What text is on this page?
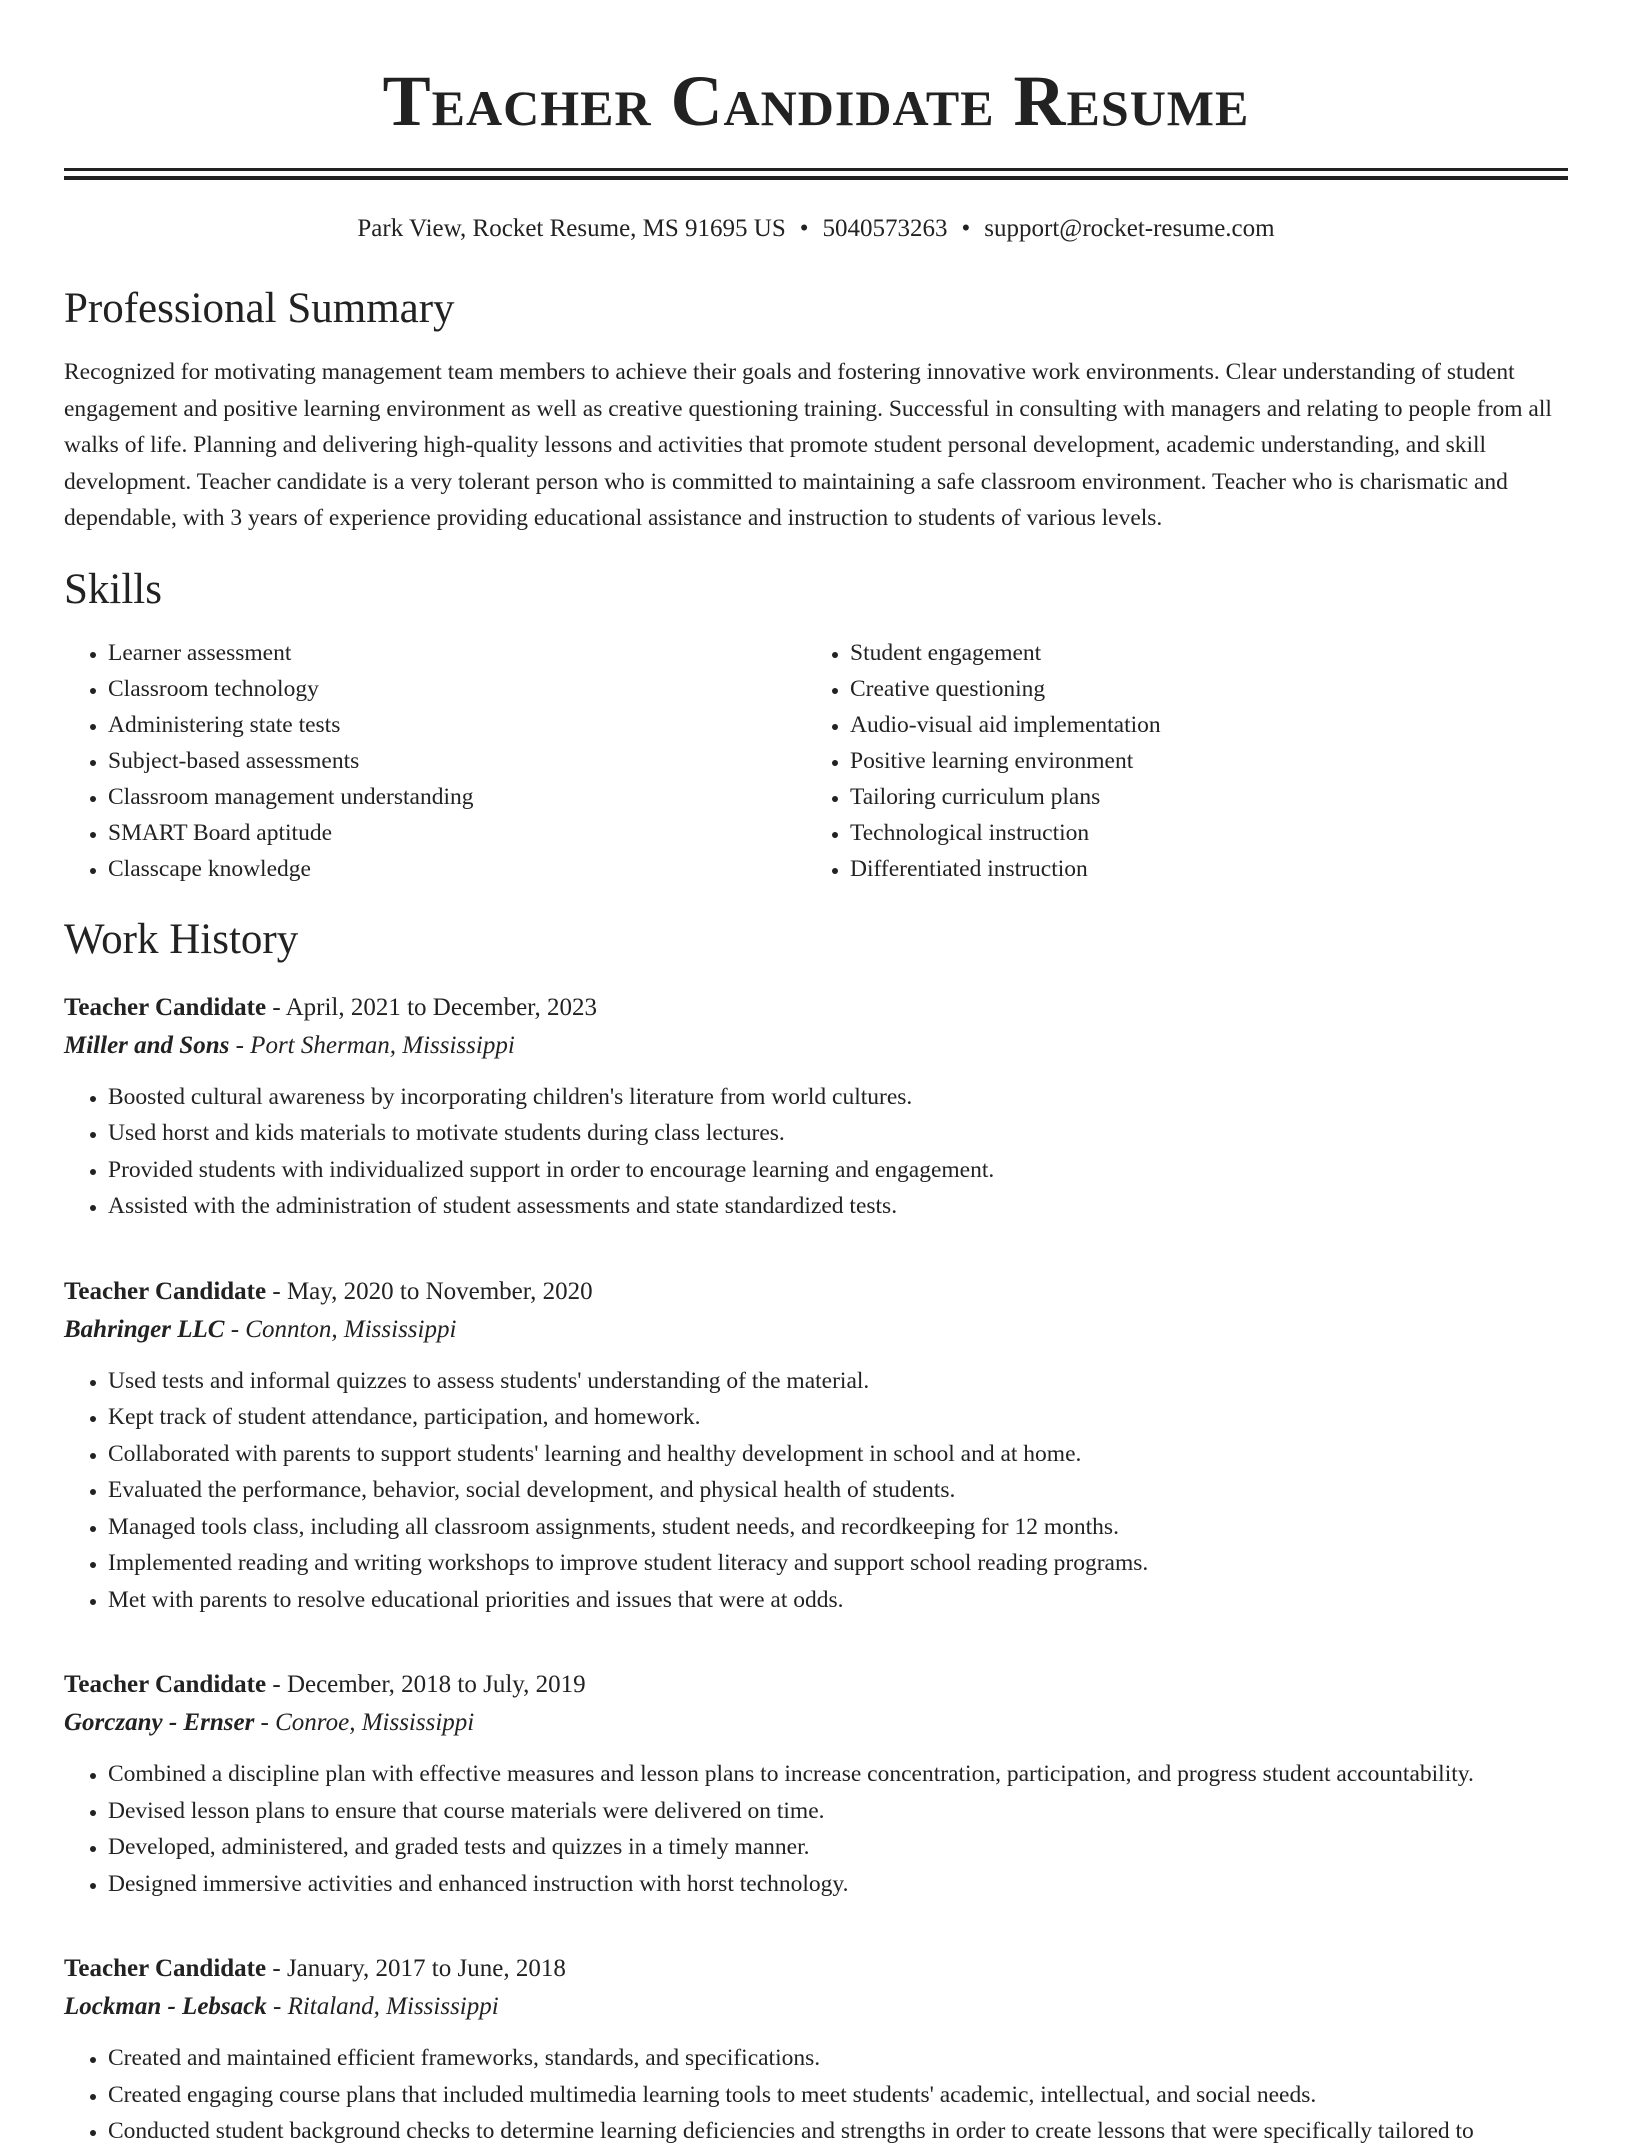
Teacher Candidate Resume
Park View, Rocket Resume, MS 91695 US • 5040573263 • support@rocket-resume.com
Professional Summary
Recognized for motivating management team members to achieve their goals and fostering innovative work environments. Clear understanding of student engagement and positive learning environment as well as creative questioning training. Successful in consulting with managers and relating to people from all walks of life. Planning and delivering high-quality lessons and activities that promote student personal development, academic understanding, and skill development. Teacher candidate is a very tolerant person who is committed to maintaining a safe classroom environment. Teacher who is charismatic and dependable, with 3 years of experience providing educational assistance and instruction to students of various levels.
Skills
• Learner assessment
• Classroom technology
• Administering state tests
• Subject-based assessments
• Classroom management understanding
• SMART Board aptitude
• Classcape knowledge
• Student engagement
• Creative questioning
• Audio-visual aid implementation
• Positive learning environment
• Tailoring curriculum plans
• Technological instruction
• Differentiated instruction
Work History
Teacher Candidate - April, 2021 to December, 2023
Miller and Sons - Port Sherman, Mississippi
• Boosted cultural awareness by incorporating children's literature from world cultures.
• Used horst and kids materials to motivate students during class lectures.
• Provided students with individualized support in order to encourage learning and engagement.
• Assisted with the administration of student assessments and state standardized tests.
Teacher Candidate - May, 2020 to November, 2020
Bahringer LLC - Connton, Mississippi
• Used tests and informal quizzes to assess students' understanding of the material.
• Kept track of student attendance, participation, and homework.
• Collaborated with parents to support students' learning and healthy development in school and at home.
• Evaluated the performance, behavior, social development, and physical health of students.
• Managed tools class, including all classroom assignments, student needs, and recordkeeping for 12 months.
• Implemented reading and writing workshops to improve student literacy and support school reading programs.
• Met with parents to resolve educational priorities and issues that were at odds.
Teacher Candidate - December, 2018 to July, 2019
Gorczany - Ernser - Conroe, Mississippi
• Combined a discipline plan with effective measures and lesson plans to increase concentration, participation, and progress student accountability.
• Devised lesson plans to ensure that course materials were delivered on time.
• Developed, administered, and graded tests and quizzes in a timely manner.
• Designed immersive activities and enhanced instruction with horst technology.
Teacher Candidate - January, 2017 to June, 2018
Lockman - Lebsack - Ritaland, Mississippi
• Created and maintained efficient frameworks, standards, and specifications.
• Created engaging course plans that included multimedia learning tools to meet students' academic, intellectual, and social needs.
• Conducted student background checks to determine learning deficiencies and strengths in order to create lessons that were specifically tailored to
